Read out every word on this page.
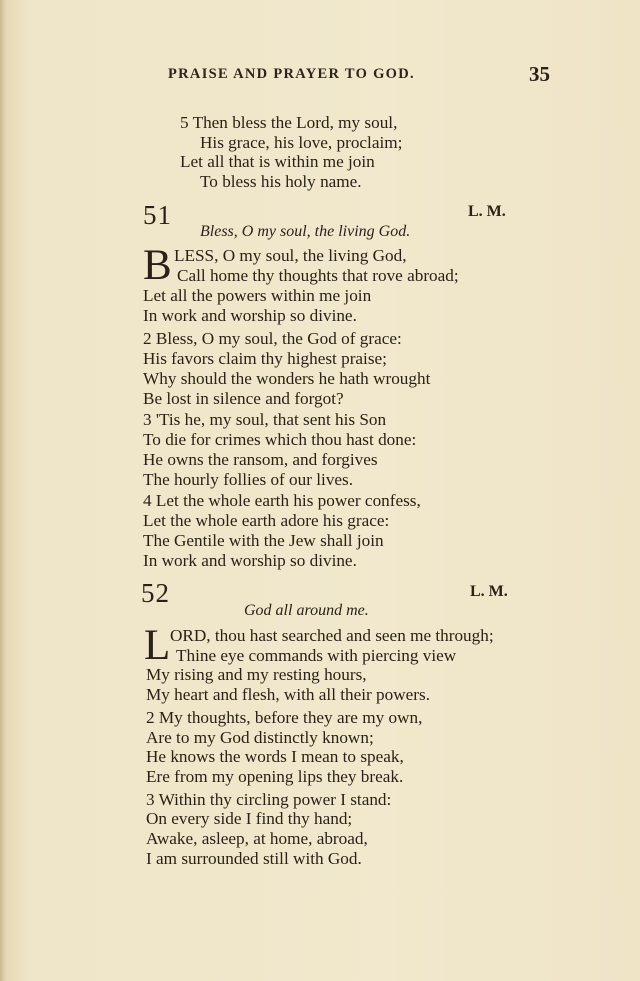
PRAISE AND PRAYER TO GOD.	35
5 Then bless the Lord, my soul,
His grace, his love, proclaim;
Let all that is within me join
To bless his holy name.
51	L. M.
Bless, O my soul, the living God.
B LESS, O my soul, the living God,
Call home thy thoughts that rove abroad;
Let all the powers within me join
In work and worship so divine.
2 Bless, O my soul, the God of grace:
His favors claim thy highest praise;
Why should the wonders he hath wrought
Be lost in silence and forgot?
3 'Tis he, my soul, that sent his Son
To die for crimes which thou hast done:
He owns the ransom, and forgives
The hourly follies of our lives.
4 Let the whole earth his power confess,
Let the whole earth adore his grace:
The Gentile with the Jew shall join
In work and worship so divine.
52	L. M.
God all around me.
L ORD, thou hast searched and seen me through;
Thine eye commands with piercing view
My rising and my resting hours,
My heart and flesh, with all their powers.
2 My thoughts, before they are my own,
Are to my God distinctly known;
He knows the words I mean to speak,
Ere from my opening lips they break.
3 Within thy circling power I stand:
On every side I find thy hand;
Awake, asleep, at home, abroad,
I am surrounded still with God.
